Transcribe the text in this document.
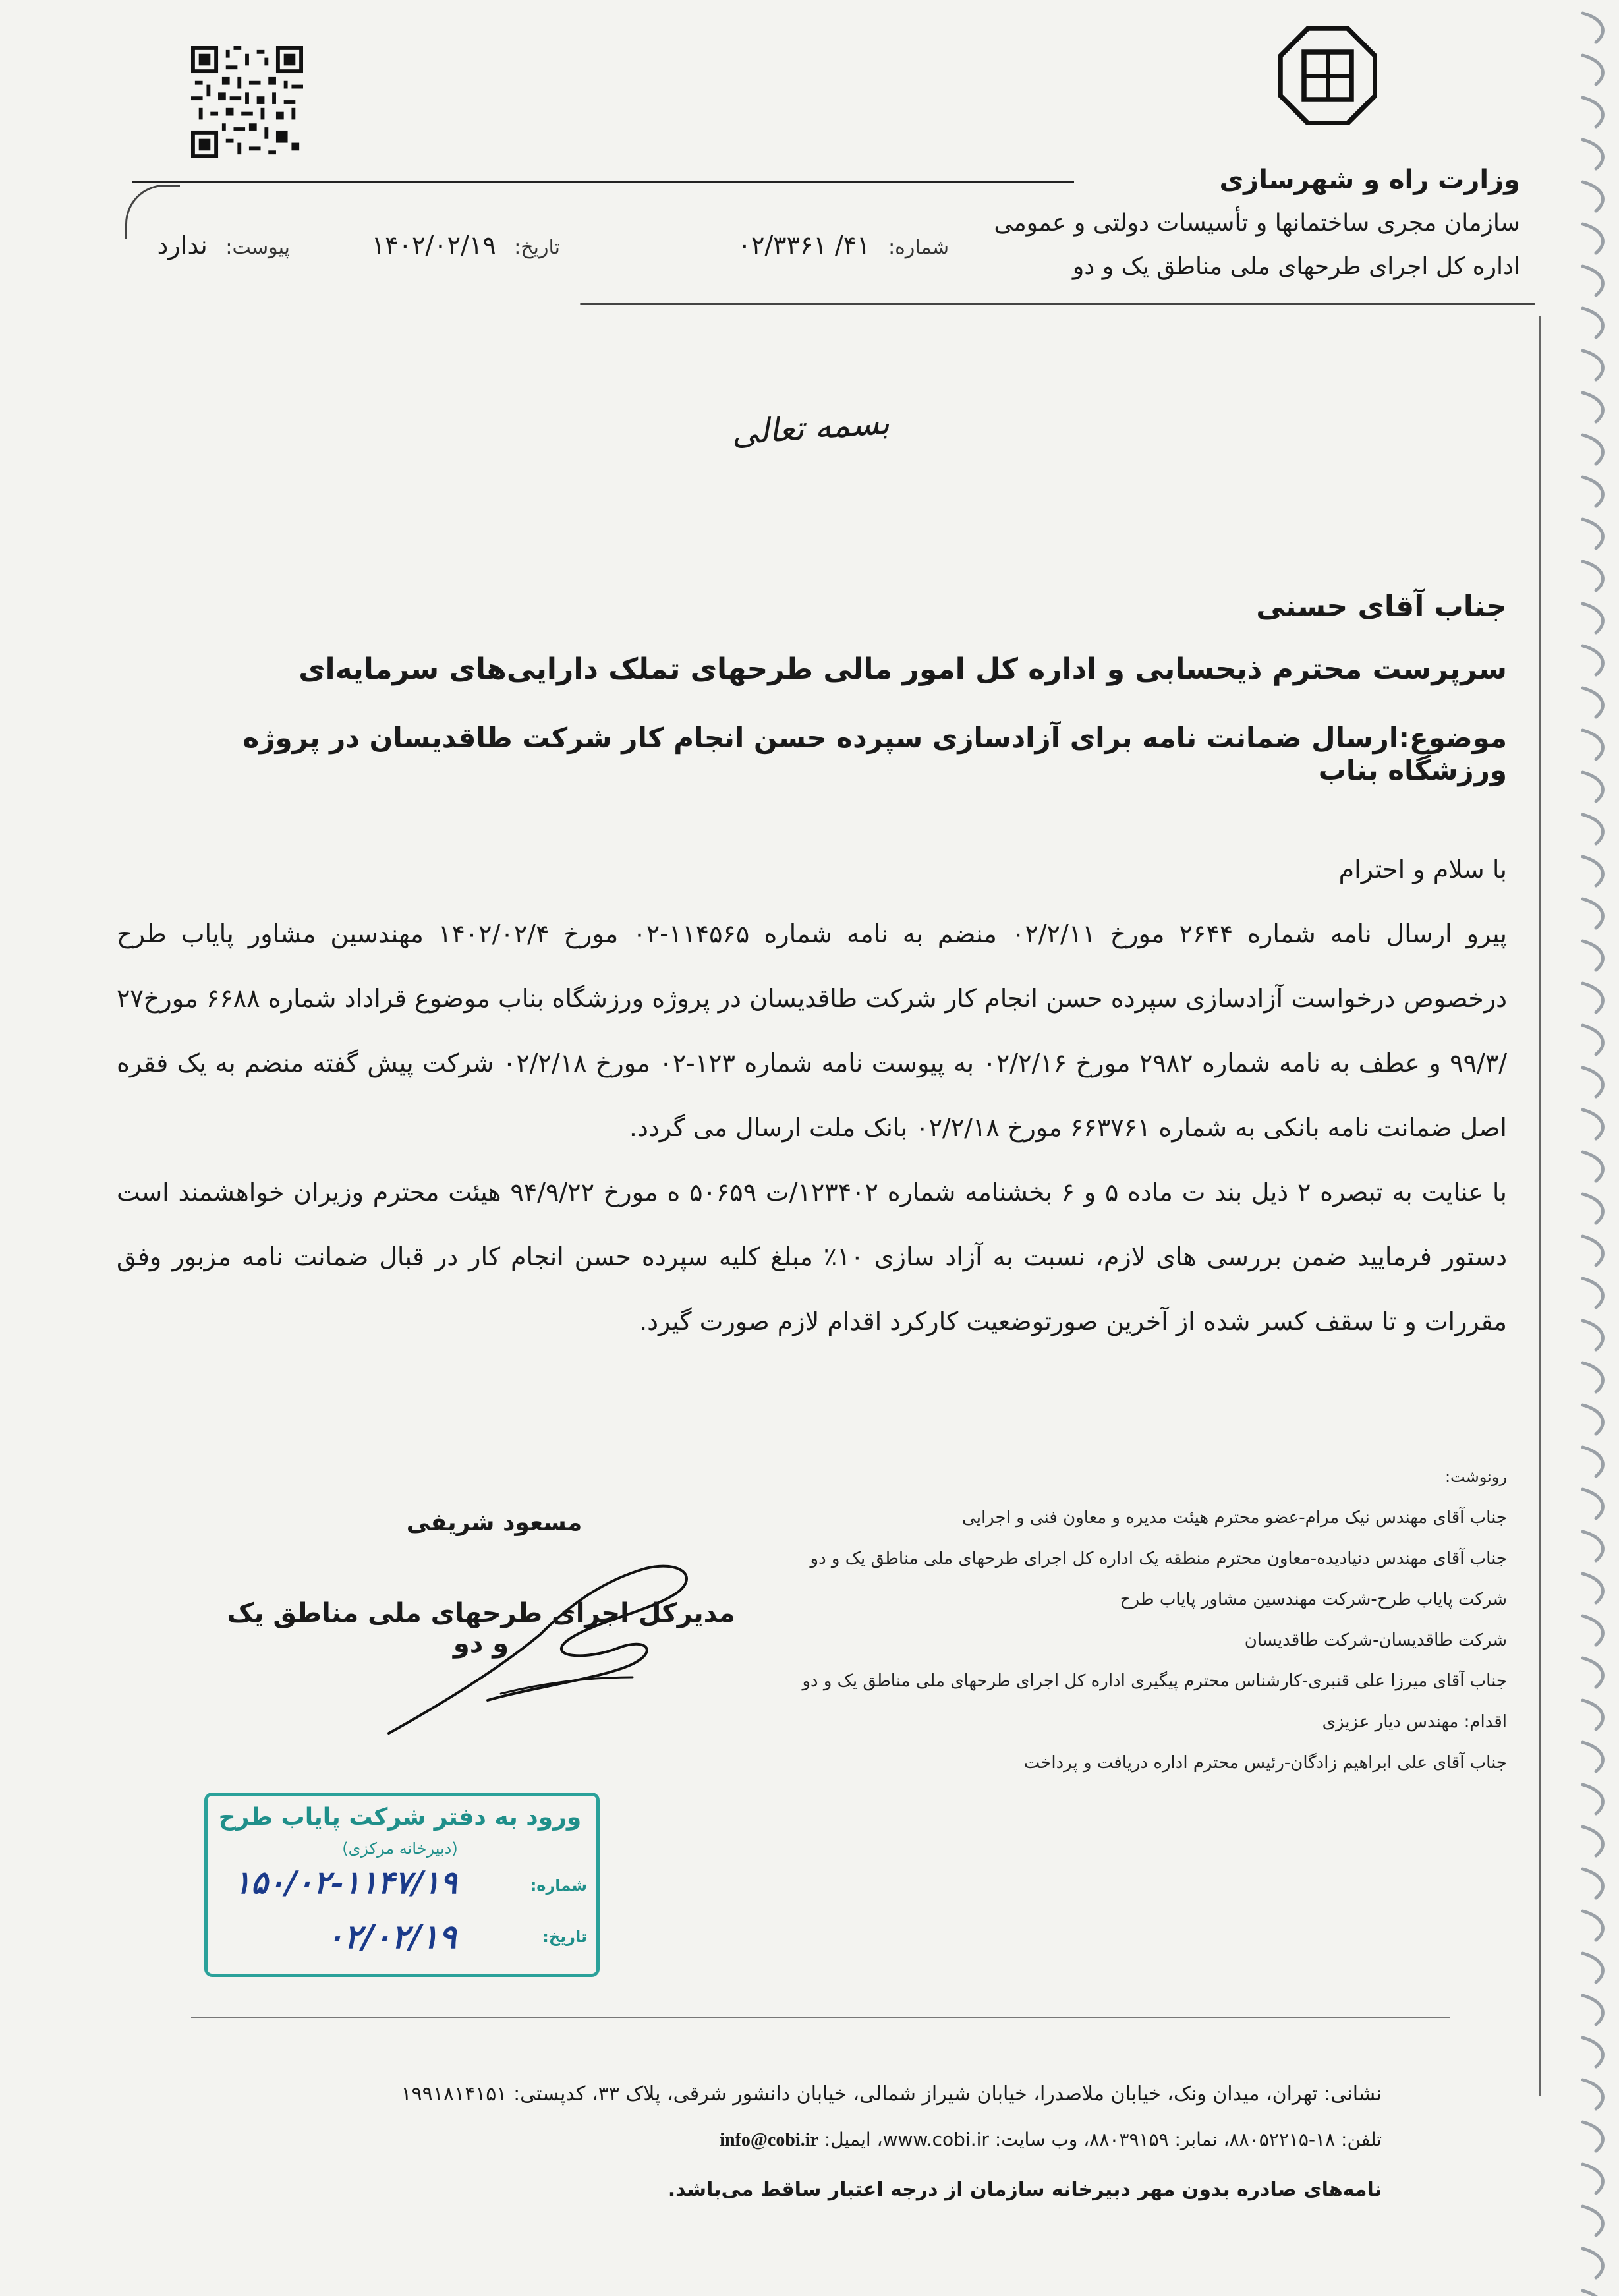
وزارت راه و شهرسازی
سازمان مجری ساختمانها و تأسیسات دولتی و عمومی
اداره کل اجرای طرحهای ملی مناطق یک و دو
شماره: ۴۱/ ۰۲/۳۳۶۱
تاریخ: ۱۴۰۲/۰۲/۱۹
پیوست: ندارد
بسمه تعالی
جناب آقای حسنی
سرپرست محترم ذیحسابی و اداره کل امور مالی طرحهای تملک دارایی‌های سرمایه‌ای
موضوع:ارسال ضمانت نامه برای آزادسازی سپرده حسن انجام کار شرکت طاقدیسان در پروژه ورزشگاه بناب

با سلام و احترام

پیرو ارسال نامه شماره ۲۶۴۴ مورخ ۰۲/۲/۱۱ منضم به نامه شماره ۱۱۴۵۶۵-۰۲ مورخ ۱۴۰۲/۰۲/۴ مهندسین مشاور پایاب طرح درخصوص درخواست آزادسازی سپرده حسن انجام کار شرکت طاقدیسان در پروژه ورزشگاه بناب موضوع قراداد شماره ۶۶۸۸ مورخ۲۷ /۹۹/۳ و عطف به نامه شماره ۲۹۸۲ مورخ ۰۲/۲/۱۶ به پیوست نامه شماره ۱۲۳-۰۲ مورخ ۰۲/۲/۱۸ شرکت پیش گفته منضم به یک فقره اصل ضمانت نامه بانکی به شماره ۶۶۳۷۶۱ مورخ ۰۲/۲/۱۸ بانک ملت ارسال می گردد.

با عنایت به تبصره ۲ ذیل بند ت ماده ۵ و ۶ بخشنامه شماره ۱۲۳۴۰۲/ت ۵۰۶۵۹ ه مورخ ۹۴/۹/۲۲ هیئت محترم وزیران خواهشمند است دستور فرمایید ضمن بررسی های لازم، نسبت به آزاد سازی ۱۰٪ مبلغ کلیه سپرده حسن انجام کار در قبال ضمانت نامه مزبور وفق مقررات و تا سقف کسر شده از آخرین صورتوضعیت کارکرد اقدام لازم صورت گیرد.

مسعود شریفی
مدیرکل اجرای طرحهای ملی مناطق یک و دو
رونوشت:
جناب آقای مهندس نیک مرام-عضو محترم هیئت مدیره و معاون فنی و اجرایی
جناب آقای مهندس دنیادیده-معاون محترم منطقه یک اداره کل اجرای طرحهای ملی مناطق یک و دو
شرکت پایاب طرح-شرکت مهندسین مشاور پایاب طرح
شرکت طاقدیسان-شرکت طاقدیسان
جناب آقای میرزا علی قنبری-کارشناس محترم پیگیری اداره کل اجرای طرحهای ملی مناطق یک و دو
اقدام: مهندس دیار عزیزی
جناب آقای علی ابراهیم زادگان-رئیس محترم اداره دریافت و پرداخت
ورود به دفتر شرکت پایاب طرح
(دبیرخانه مرکزی)
شماره:
تاریخ:
۱۵۰/۰۲-۱۱۴۷/۱۹
۰۲/۰۲/۱۹
نشانی: تهران، میدان ونک، خیابان ملاصدرا، خیابان شیراز شمالی، خیابان دانشور شرقی، پلاک ۳۳، کدپستی: ۱۹۹۱۸۱۴۱۵۱
تلفن: ۱۸-۸۸۰۵۲۲۱۵، نمابر: ۸۸۰۳۹۱۵۹، وب سایت: www.cobi.ir، ایمیل: info@cobi.ir
نامه‌های صادره بدون مهر دبیرخانه سازمان از درجه اعتبار ساقط می‌باشد.
